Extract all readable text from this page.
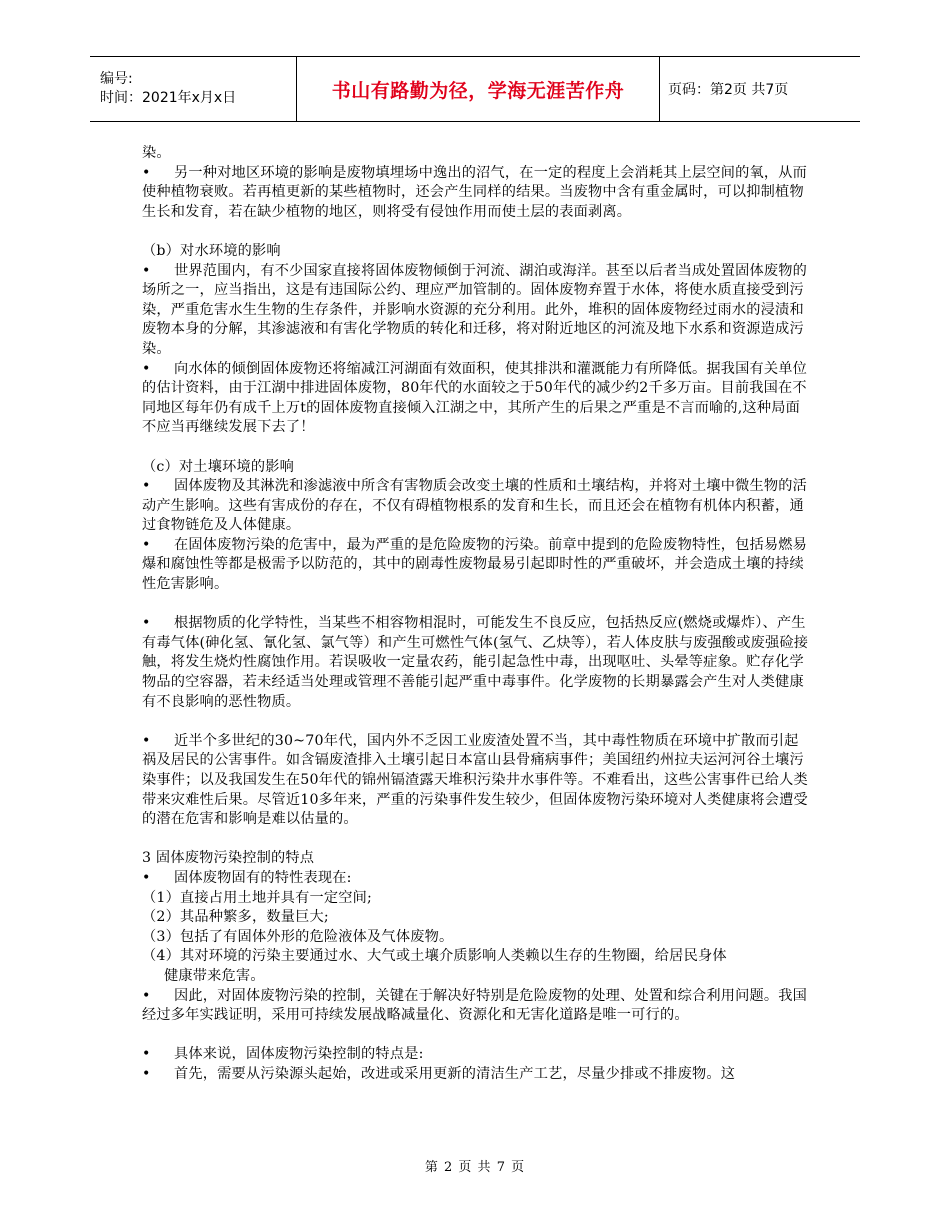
编号:
时间：2021年x月x日	书山有路勤为径，学海无涯苦作舟	页码：第2页 共7页

染。

• 另一种对地区环境的影响是废物填埋场中逸出的沼气，在一定的程度上会消耗其上层空间的氧，从而使种植物衰败。若再植更新的某些植物时，还会产生同样的结果。当废物中含有重金属时，可以抑制植物生长和发育，若在缺少植物的地区，则将受有侵蚀作用而使土层的表面剥离。

（b）对水环境的影响

• 世界范围内，有不少国家直接将固体废物倾倒于河流、湖泊或海洋。甚至以后者当成处置固体废物的场所之一，应当指出，这是有违国际公约、理应严加管制的。固体废物弃置于水体，将使水质直接受到污染，严重危害水生生物的生存条件，并影响水资源的充分利用。此外，堆积的固体废物经过雨水的浸渍和废物本身的分解，其渗滤液和有害化学物质的转化和迁移，将对附近地区的河流及地下水系和资源造成污染。

• 向水体的倾倒固体废物还将缩减江河湖面有效面积，使其排洪和灌溉能力有所降低。据我国有关单位的估计资料，由于江湖中排进固体废物，80年代的水面较之于50年代的减少约2千多万亩。目前我国在不同地区每年仍有成千上万t的固体废物直接倾入江湖之中，其所产生的后果之严重是不言而喻的,这种局面不应当再继续发展下去了！

（c）对土壤环境的影响

• 固体废物及其淋洗和渗滤液中所含有害物质会改变土壤的性质和土壤结构，并将对土壤中微生物的活动产生影响。这些有害成份的存在，不仅有碍植物根系的发育和生长，而且还会在植物有机体内积蓄，通过食物链危及人体健康。

• 在固体废物污染的危害中，最为严重的是危险废物的污染。前章中提到的危险废物特性，包括易燃易爆和腐蚀性等都是极需予以防范的，其中的剧毒性废物最易引起即时性的严重破坏，并会造成土壤的持续性危害影响。

• 根据物质的化学特性，当某些不相容物相混时，可能发生不良反应，包括热反应(燃烧或爆炸）、产生有毒气体(砷化氢、氰化氢、氯气等）和产生可燃性气体(氢气、乙炔等），若人体皮肤与废强酸或废强硷接触，将发生烧灼性腐蚀作用。若误吸收一定量农药，能引起急性中毒，出现呕吐、头晕等症象。贮存化学物品的空容器，若未经适当处理或管理不善能引起严重中毒事件。化学废物的长期暴露会产生对人类健康有不良影响的恶性物质。

• 近半个多世纪的30~70年代，国内外不乏因工业废渣处置不当，其中毒性物质在环境中扩散而引起祸及居民的公害事件。如含镉废渣排入土壤引起日本富山县骨痛病事件；美国纽约州拉夫运河河谷土壤污染事件；以及我国发生在50年代的锦州镉渣露天堆积污染井水事件等。不难看出，这些公害事件已给人类带来灾难性后果。尽管近10多年来，严重的污染事件发生较少，但固体废物污染环境对人类健康将会遭受的潜在危害和影响是难以估量的。

3 固体废物污染控制的特点

• 固体废物固有的特性表现在:

（1）直接占用土地并具有一定空间;

（2）其品种繁多，数量巨大;

（3）包括了有固体外形的危险液体及气体废物。

（4）其对环境的污染主要通过水、大气或土壤介质影响人类赖以生存的生物圈，给居民身体

健康带来危害。

• 因此，对固体废物污染的控制，关键在于解决好特别是危险废物的处理、处置和综合利用问题。我国经过多年实践证明，采用可持续发展战略减量化、资源化和无害化道路是唯一可行的。

• 具体来说，固体废物污染控制的特点是:

• 首先，需要从污染源头起始，改进或采用更新的清洁生产工艺，尽量少排或不排废物。这

第 2 页 共 7 页
